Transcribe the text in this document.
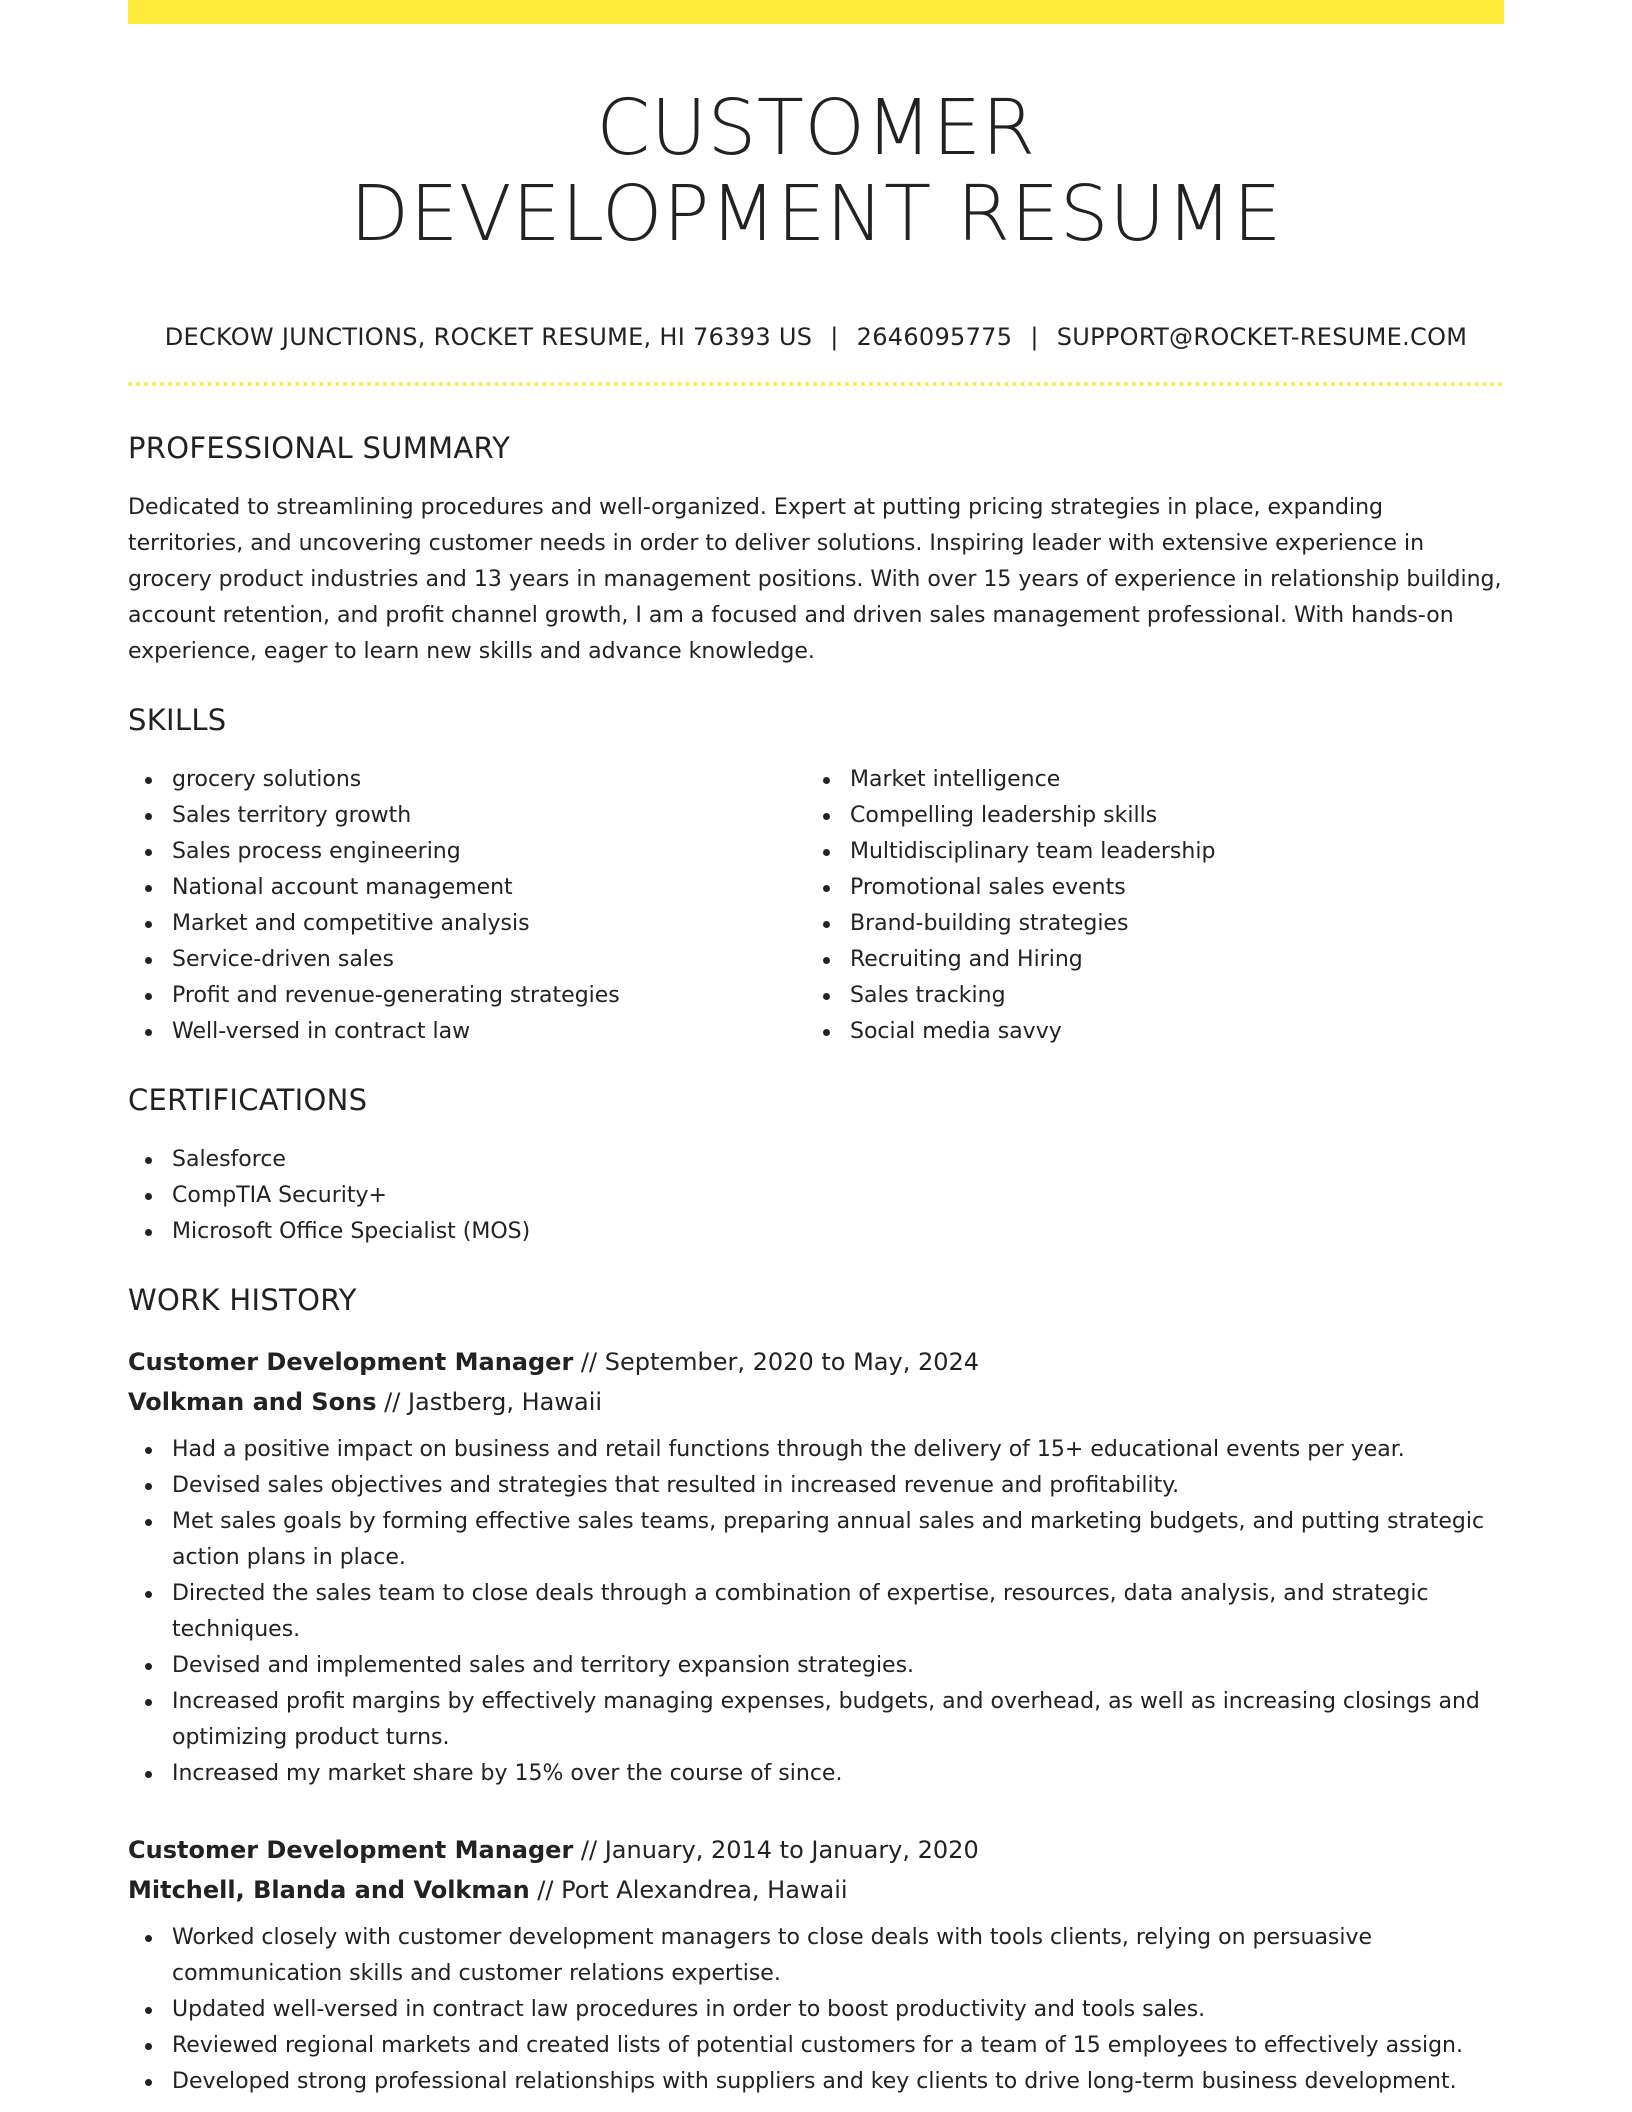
CUSTOMER
DEVELOPMENT RESUME
DECKOW JUNCTIONS, ROCKET RESUME, HI 76393 US | 2646095775 | SUPPORT@ROCKET-RESUME.COM
PROFESSIONAL SUMMARY

Dedicated to streamlining procedures and well-organized. Expert at putting pricing strategies in place, expanding territories, and uncovering customer needs in order to deliver solutions. Inspiring leader with extensive experience in grocery product industries and 13 years in management positions. With over 15 years of experience in relationship building, account retention, and profit channel growth, I am a focused and driven sales management professional. With hands-on experience, eager to learn new skills and advance knowledge.

SKILLS
grocery solutions
Sales territory growth
Sales process engineering
National account management
Market and competitive analysis
Service-driven sales
Profit and revenue-generating strategies
Well-versed in contract law
Market intelligence
Compelling leadership skills
Multidisciplinary team leadership
Promotional sales events
Brand-building strategies
Recruiting and Hiring
Sales tracking
Social media savvy
CERTIFICATIONS
Salesforce
CompTIA Security+
Microsoft Office Specialist (MOS)
WORK HISTORY
Customer Development Manager // September, 2020 to May, 2024
Volkman and Sons // Jastberg, Hawaii
Had a positive impact on business and retail functions through the delivery of 15+ educational events per year.
Devised sales objectives and strategies that resulted in increased revenue and profitability.
Met sales goals by forming effective sales teams, preparing annual sales and marketing budgets, and putting strategic action plans in place.
Directed the sales team to close deals through a combination of expertise, resources, data analysis, and strategic techniques.
Devised and implemented sales and territory expansion strategies.
Increased profit margins by effectively managing expenses, budgets, and overhead, as well as increasing closings and optimizing product turns.
Increased my market share by 15% over the course of since.
Customer Development Manager // January, 2014 to January, 2020
Mitchell, Blanda and Volkman // Port Alexandrea, Hawaii
Worked closely with customer development managers to close deals with tools clients, relying on persuasive communication skills and customer relations expertise.
Updated well-versed in contract law procedures in order to boost productivity and tools sales.
Reviewed regional markets and created lists of potential customers for a team of 15 employees to effectively assign.
Developed strong professional relationships with suppliers and key clients to drive long-term business development.
